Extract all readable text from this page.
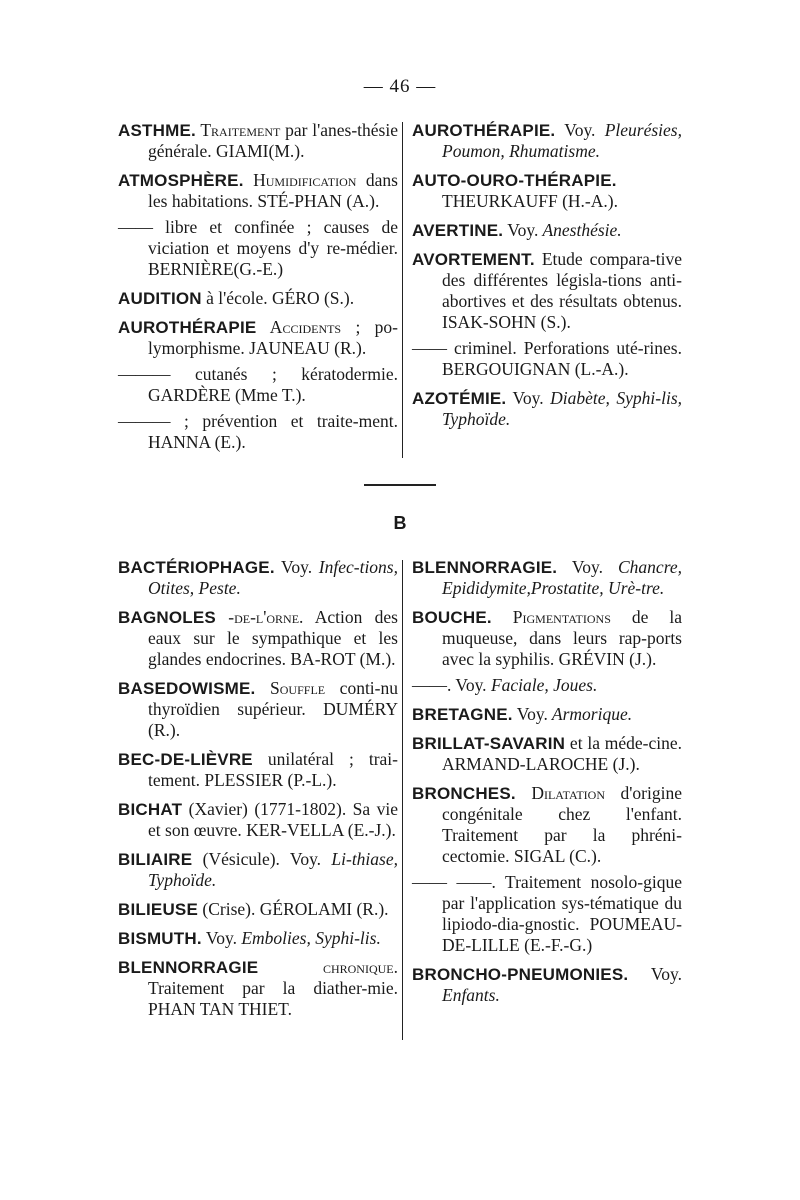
— 46 —

ASTHME. Traitement par l'anes-thésie générale. GIAMI(M.).

ATMOSPHÈRE. Humidification dans les habitations. STÉ-PHAN (A.).

—— libre et confinée ; causes de viciation et moyens d'y re-médier. BERNIÈRE(G.-E.)

AUDITION à l'école. GÉRO (S.).

AUROTHÉRAPIE Accidents ; po-lymorphisme. JAUNEAU (R.).

——— cutanés ; kératodermie. GARDÈRE (Mme T.).

——— ; prévention et traite-ment. HANNA (E.).

AUROTHÉRAPIE. Voy. Pleurésies, Poumon, Rhumatisme.

AUTO-OURO-THÉRAPIE. THEURKAUFF (H.-A.).

AVERTINE. Voy. Anesthésie.

AVORTEMENT. Etude compara-tive des différentes législa-tions anti-abortives et des résultats obtenus. ISAK-SOHN (S.).

—— criminel. Perforations uté-rines. BERGOUIGNAN (L.-A.).

AZOTÉMIE. Voy. Diabète, Syphi-lis, Typhoïde.

B

BACTÉRIOPHAGE. Voy. Infec-tions, Otites, Peste.

BAGNOLES -de-l'orne. Action des eaux sur le sympathique et les glandes endocrines. BA-ROT (M.).

BASEDOWISME. Souffle conti-nu thyroïdien supérieur. DUMÉRY (R.).

BEC-DE-LIÈVRE unilatéral ; trai-tement. PLESSIER (P.-L.).

BICHAT (Xavier) (1771-1802). Sa vie et son œuvre. KER-VELLA (E.-J.).

BILIAIRE (Vésicule). Voy. Li-thiase, Typhoïde.

BILIEUSE (Crise). GÉROLAMI (R.).

BISMUTH. Voy. Embolies, Syphi-lis.

BLENNORRAGIE chronique. Traitement par la diather-mie. PHAN TAN THIET.

BLENNORRAGIE. Voy. Chancre, Epididymite,Prostatite, Urè-tre.

BOUCHE. Pigmentations de la muqueuse, dans leurs rap-ports avec la syphilis. GRÉVIN (J.).

——. Voy. Faciale, Joues.

BRETAGNE. Voy. Armorique.

BRILLAT-SAVARIN et la méde-cine. ARMAND-LAROCHE (J.).

BRONCHES. Dilatation d'origine congénitale chez l'enfant. Traitement par la phréni-cectomie. SIGAL (C.).

—— ——. Traitement nosolo-gique par l'application sys-tématique du lipiodo-dia-gnostic. POUMEAU-DE-LILLE (E.-F.-G.)

BRONCHO-PNEUMONIES. Voy. Enfants.
